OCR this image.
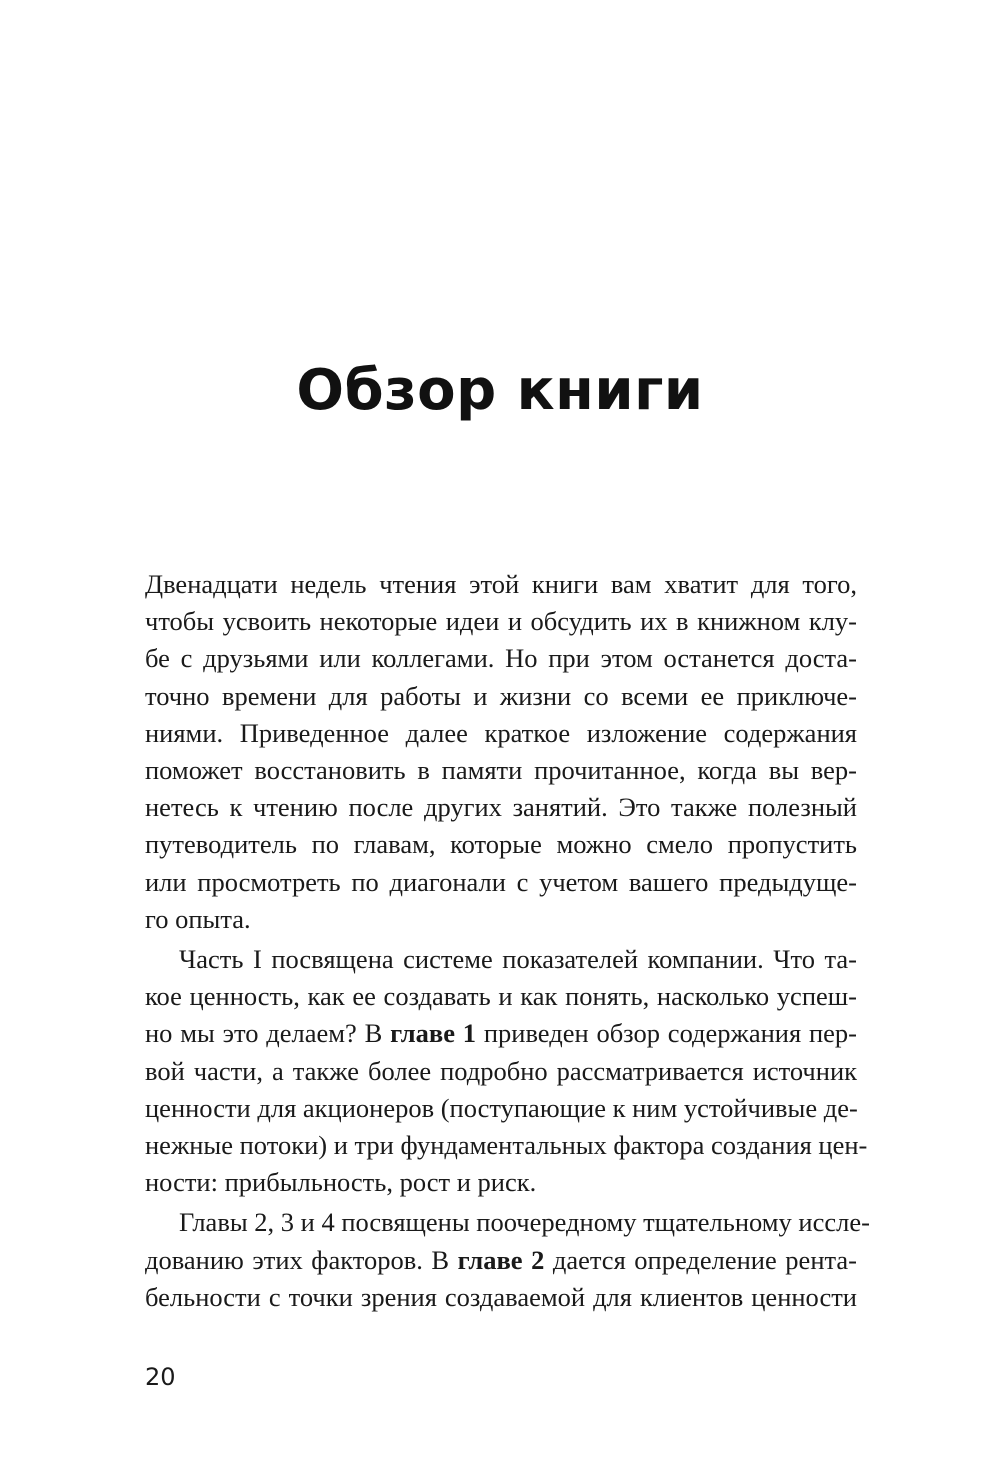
Обзор книги

Двенадцати недель чтения этой книги вам хватит для того,
чтобы усвоить некоторые идеи и обсудить их в книжном клу-
бе с друзьями или коллегами. Но при этом останется доста-
точно времени для работы и жизни со всеми ее приключе-
ниями. Приведенное далее краткое изложение содержания
поможет восстановить в памяти прочитанное, когда вы вер-
нетесь к чтению после других занятий. Это также полезный
путеводитель по главам, которые можно смело пропустить
или просмотреть по диагонали с учетом вашего предыдуще-
го опыта.

Часть I посвящена системе показателей компании. Что та-
кое ценность, как ее создавать и как понять, насколько успеш-
но мы это делаем? В главе 1 приведен обзор содержания пер-
вой части, а также более подробно рассматривается источник
ценности для акционеров (поступающие к ним устойчивые де-
нежные потоки) и три фундаментальных фактора создания цен-
ности: прибыльность, рост и риск.

Главы 2, 3 и 4 посвящены поочередному тщательному иссле-
дованию этих факторов. В главе 2 дается определение рента-
бельности с точки зрения создаваемой для клиентов ценности

20
